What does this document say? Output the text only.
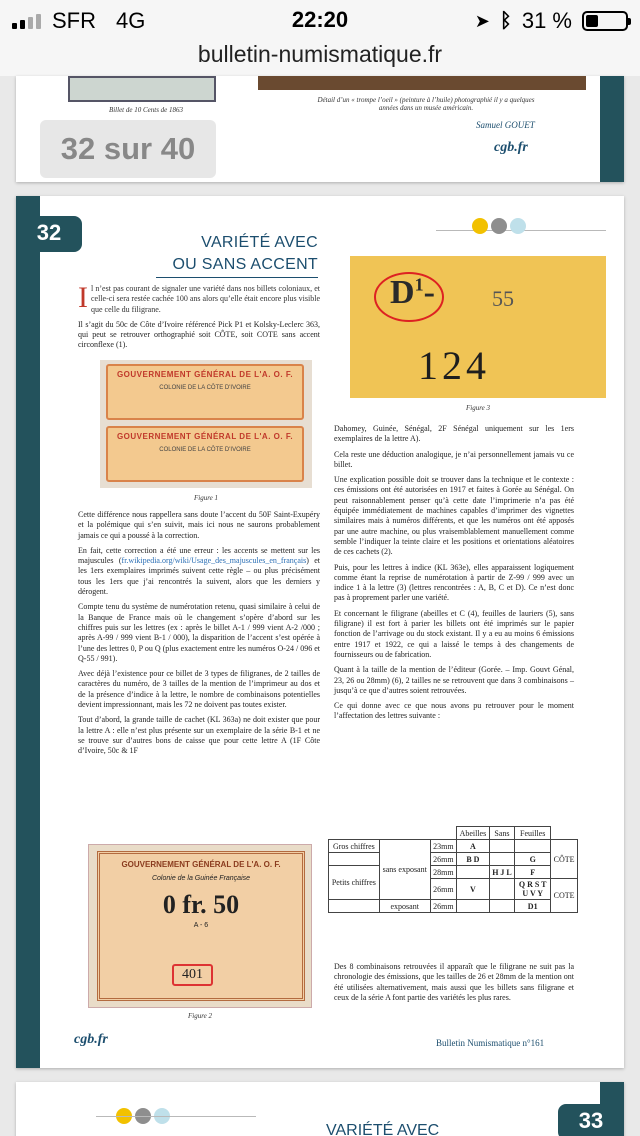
SFR 4G	22:20	➤ ᛒ 31 %
bulletin-numismatique.fr
Billet de 10 Cents de 1863
Détail d’un « trompe l’oeil » (peinture à l’huile) photographié il y a quelques années dans un musée américain.
Samuel GOUET
cgb.fr
32 sur 40
32	VARIÉTÉ AVEC
OU SANS ACCENT

Il n’est pas courant de signaler une variété dans nos billets coloniaux, et celle-ci sera restée cachée 100 ans alors qu’elle était encore plus visible que celle du filigrane.

Il s’agit du 50c de Côte d’Ivoire référencé Pick P1 et Kolsky-Leclerc 363, qui peut se retrouver orthographié soit CÔTE, soit COTE sans accent circonflexe (1).

GOUVERNEMENT GÉNÉRAL DE L'A. O. F.
COLONIE DE LA CÔTE D'IVOIRE
GOUVERNEMENT GÉNÉRAL DE L'A. O. F.
COLONIE DE LA CÔTE D'IVOIRE
Figure 1

Cette différence nous rappellera sans doute l’accent du 50F Saint-Exupéry et la polémique qui s’en suivit, mais ici nous ne saurons probablement jamais ce qui a poussé à la correction.

En fait, cette correction a été une erreur : les accents se mettent sur les majuscules (fr.wikipedia.org/wiki/Usage_des_majuscules_en_français) et les 1ers exemplaires imprimés suivent cette règle – ou plus précisément tous les 1ers que j’ai rencontrés la suivent, alors que les derniers y dérogent.

Compte tenu du système de numérotation retenu, quasi similaire à celui de la Banque de France mais où le changement s’opère d’abord sur les chiffres puis sur les lettres (ex : après le billet A-1 / 999 vient A-2 /000 ; après A-99 / 999 vient B-1 / 000), la disparition de l’accent s’est opérée à l’une des lettres 0, P ou Q (plus exactement entre les numéros O-24 / 096 et Q-55 / 991).

Avec déjà l’existence pour ce billet de 3 types de filigranes, de 2 tailles de caractères du numéro, de 3 tailles de la mention de l’imprimeur au dos et de la présence d’indice à la lettre, le nombre de combinaisons potentielles devient impressionnant, mais les 72 ne doivent pas toutes exister.

Tout d’abord, la grande taille de cachet (KL 363a) ne doit exister que pour la lettre A : elle n’est plus présente sur un exemplaire de la série B-1 et ne se trouve sur d’autres bons de caisse que pour cette lettre A (1F Côte d’Ivoire, 50c & 1F

GOUVERNEMENT GÉNÉRAL DE L'A. O. F.
Colonie de la Guinée Française
0 fr. 50
A - 6
401
Figure 2
$D^1-$	55
124
Figure 3

Dahomey, Guinée, Sénégal, 2F Sénégal uniquement sur les 1ers exemplaires de la lettre A).

Cela reste une déduction analogique, je n’ai personnellement jamais vu ce billet.

Une explication possible doit se trouver dans la technique et le contexte : ces émissions ont été autorisées en 1917 et faites à Gorée au Sénégal. On peut raisonnablement penser qu’à cette date l’imprimerie n’a pas été équipée immédiatement de machines capables d’imprimer des vignettes similaires mais à numéros différents, et que les numéros ont été apposés par une autre machine, ou plus vraisemblablement manuellement comme semble l’indiquer la teinte claire et les positions et orientations aléatoires de ces cachets (2).

Puis, pour les lettres à indice (KL 363e), elles apparaissent logiquement comme étant la reprise de numérotation à partir de Z-99 / 999 avec un indice 1 à la lettre (3) (lettres rencontrées : A, B, C et D). Ce n’est donc pas à proprement parler une variété.

Et concernant le filigrane (abeilles et C (4), feuilles de lauriers (5), sans filigrane) il est fort à parier les billets ont été imprimés sur le papier fonction de l’arrivage ou du stock existant. Il y a eu au moins 6 émissions entre 1917 et 1922, ce qui a laissé le temps à des changements de fournisseurs ou de fabrication.

Quant à la taille de la mention de l’éditeur (Gorée. – Imp. Gouvt Génal, 23, 26 ou 28mm) (6), 2 tailles ne se retrouvent que dans 3 combinaisons – jusqu’à ce que d’autres soient retrouvées.

Ce qui donne avec ce que nous avons pu retrouver pour le moment l’affectation des lettres suivante :

			Abeilles	Sans	Feuilles	
Gros chiffres	sans exposant	23mm	A			CÔTE
		26mm	B D		G	
Petits chiffres		28mm		H J L	F	
		26mm	V		Q R S T U V Y	COTE
	exposant	26mm			D1	

Des 8 combinaisons retrouvées il apparaît que le filigrane ne suit pas la chronologie des émissions, que les tailles de 26 et 28mm de la mention ont été utilisées alternativement, mais aussi que les billets sans filigrane et ceux de la série A font partie des variétés les plus rares.

cgb.fr	Bulletin Numismatique n°161
VARIÉTÉ AVEC	33
